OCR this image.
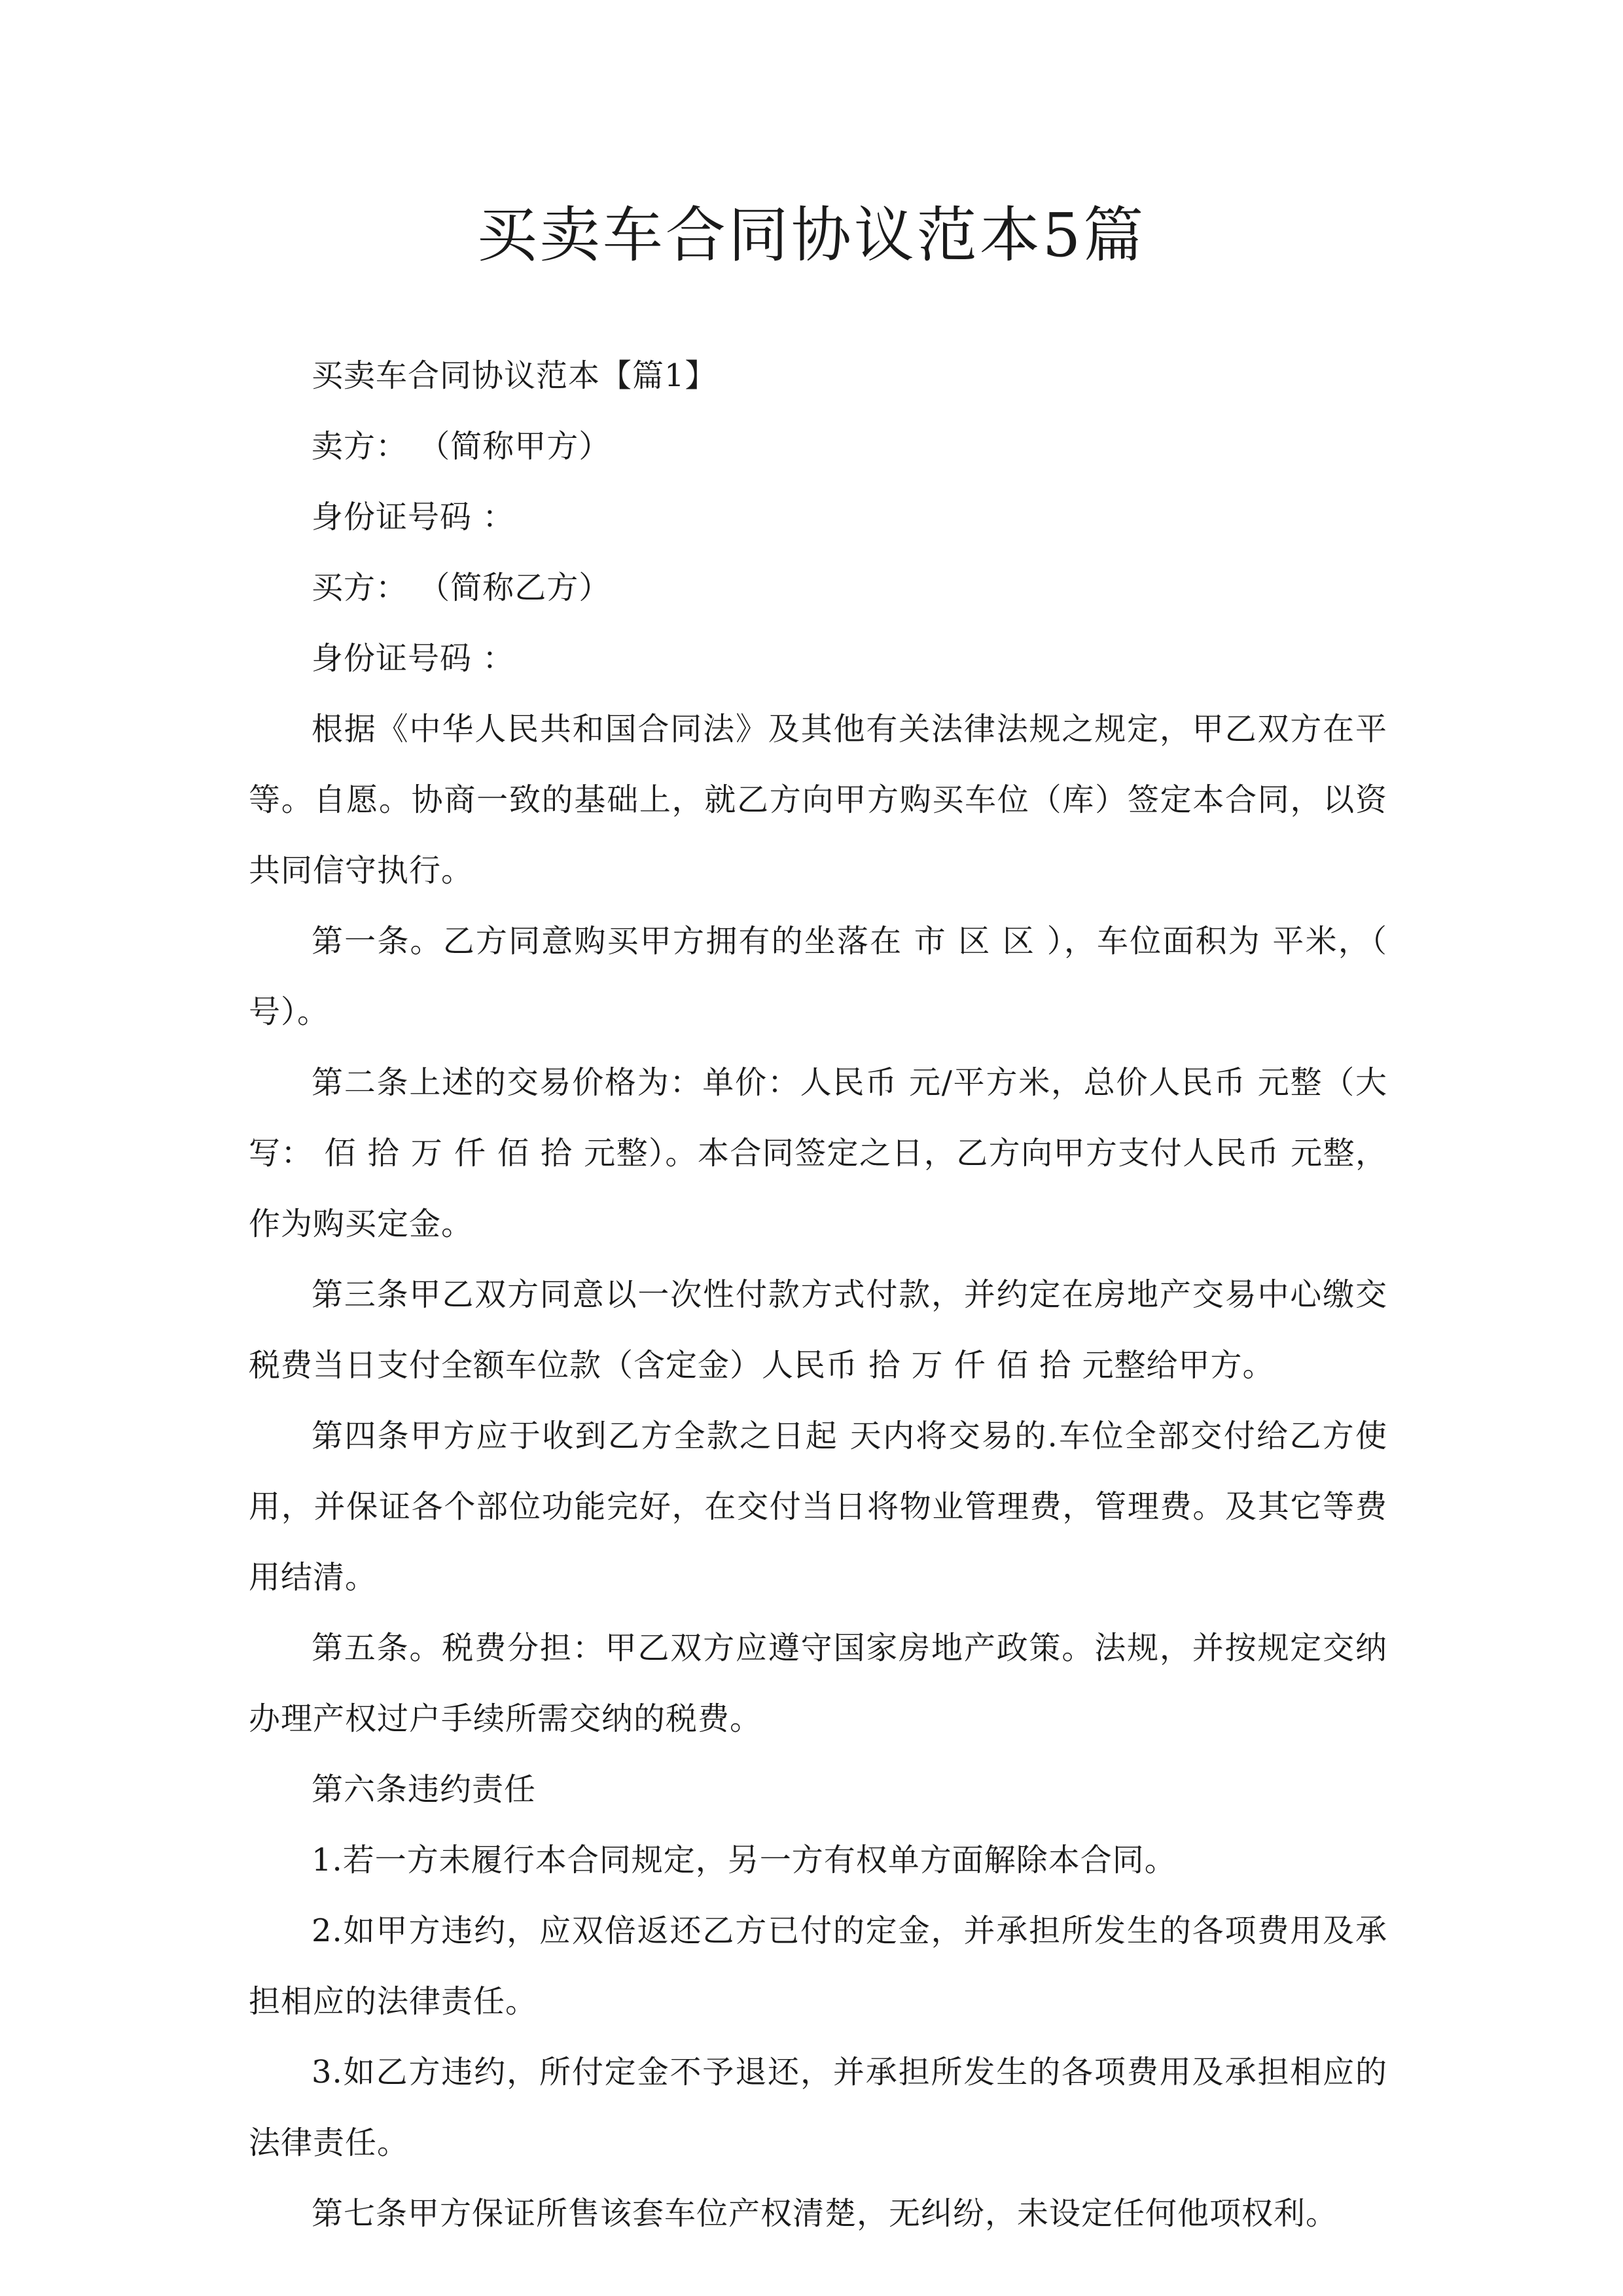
买卖车合同协议范本5篇

买卖车合同协议范本【篇1】

卖方： （简称甲方）

身份证号码 ：

买方： （简称乙方）

身份证号码 ：

根据《中华人民共和国合同法》及其他有关法律法规之规定，甲乙双方在平等。自愿。协商一致的基础上，就乙方向甲方购买车位（库）签定本合同，以资共同信守执行。

第一条。乙方同意购买甲方拥有的坐落在 市 区 区 ），车位面积为 平米，（ 号）。

第二条上述的交易价格为：单价：人民币 元/平方米，总价人民币 元整（大写： 佰 拾 万 仟 佰 拾 元整）。本合同签定之日，乙方向甲方支付人民币 元整，作为购买定金。

第三条甲乙双方同意以一次性付款方式付款，并约定在房地产交易中心缴交税费当日支付全额车位款（含定金）人民币 拾 万 仟 佰 拾 元整给甲方。

第四条甲方应于收到乙方全款之日起 天内将交易的.车位全部交付给乙方使用，并保证各个部位功能完好，在交付当日将物业管理费，管理费。及其它等费用结清。

第五条。税费分担：甲乙双方应遵守国家房地产政策。法规，并按规定交纳办理产权过户手续所需交纳的税费。

第六条违约责任

1.若一方未履行本合同规定，另一方有权单方面解除本合同。

2.如甲方违约，应双倍返还乙方已付的定金，并承担所发生的各项费用及承担相应的法律责任。

3.如乙方违约，所付定金不予退还，并承担所发生的各项费用及承担相应的法律责任。

第七条甲方保证所售该套车位产权清楚，无纠纷，未设定任何他项权利。
